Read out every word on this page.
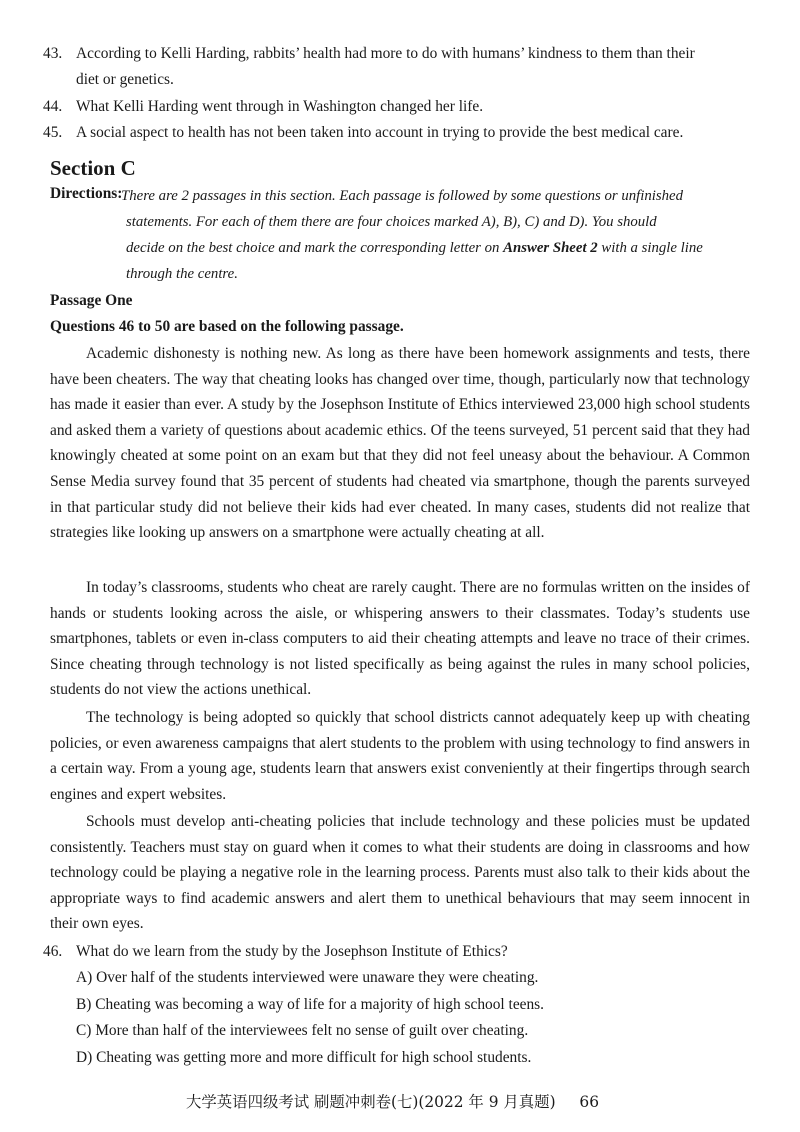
43. According to Kelli Harding, rabbits’ health had more to do with humans’ kindness to them than their
diet or genetics.
44. What Kelli Harding went through in Washington changed her life.
45. A social aspect to health has not been taken into account in trying to provide the best medical care.
Section C
Directions:
There are 2 passages in this section. Each passage is followed by some questions or unfinished
statements. For each of them there are four choices marked A), B), C) and D). You should
decide on the best choice and mark the corresponding letter on Answer Sheet 2 with a single line
through the centre.
Passage One
Questions 46 to 50 are based on the following passage.

Academic dishonesty is nothing new. As long as there have been homework assignments and tests, there have been cheaters. The way that cheating looks has changed over time, though, particularly now that technology has made it easier than ever. A study by the Josephson Institute of Ethics interviewed 23,000 high school students and asked them a variety of questions about academic ethics. Of the teens surveyed, 51 percent said that they had knowingly cheated at some point on an exam but that they did not feel uneasy about the behaviour. A Common Sense Media survey found that 35 percent of students had cheated via smartphone, though the parents surveyed in that particular study did not believe their kids had ever cheated. In many cases, students did not realize that strategies like looking up answers on a smartphone were actually cheating at all.

In today’s classrooms, students who cheat are rarely caught. There are no formulas written on the insides of hands or students looking across the aisle, or whispering answers to their classmates. Today’s students use smartphones, tablets or even in-class computers to aid their cheating attempts and leave no trace of their crimes. Since cheating through technology is not listed specifically as being against the rules in many school policies, students do not view the actions unethical.

The technology is being adopted so quickly that school districts cannot adequately keep up with cheating policies, or even awareness campaigns that alert students to the problem with using technology to find answers in a certain way. From a young age, students learn that answers exist conveniently at their fingertips through search engines and expert websites.

Schools must develop anti-cheating policies that include technology and these policies must be updated consistently. Teachers must stay on guard when it comes to what their students are doing in classrooms and how technology could be playing a negative role in the learning process. Parents must also talk to their kids about the appropriate ways to find academic answers and alert them to unethical behaviours that may seem innocent in their own eyes.

46. What do we learn from the study by the Josephson Institute of Ethics?
A) Over half of the students interviewed were unaware they were cheating.
B) Cheating was becoming a way of life for a majority of high school teens.
C) More than half of the interviewees felt no sense of guilt over cheating.
D) Cheating was getting more and more difficult for high school students.
大学英语四级考试 刷题冲刺卷(七)(2022 年 9 月真题) 66
